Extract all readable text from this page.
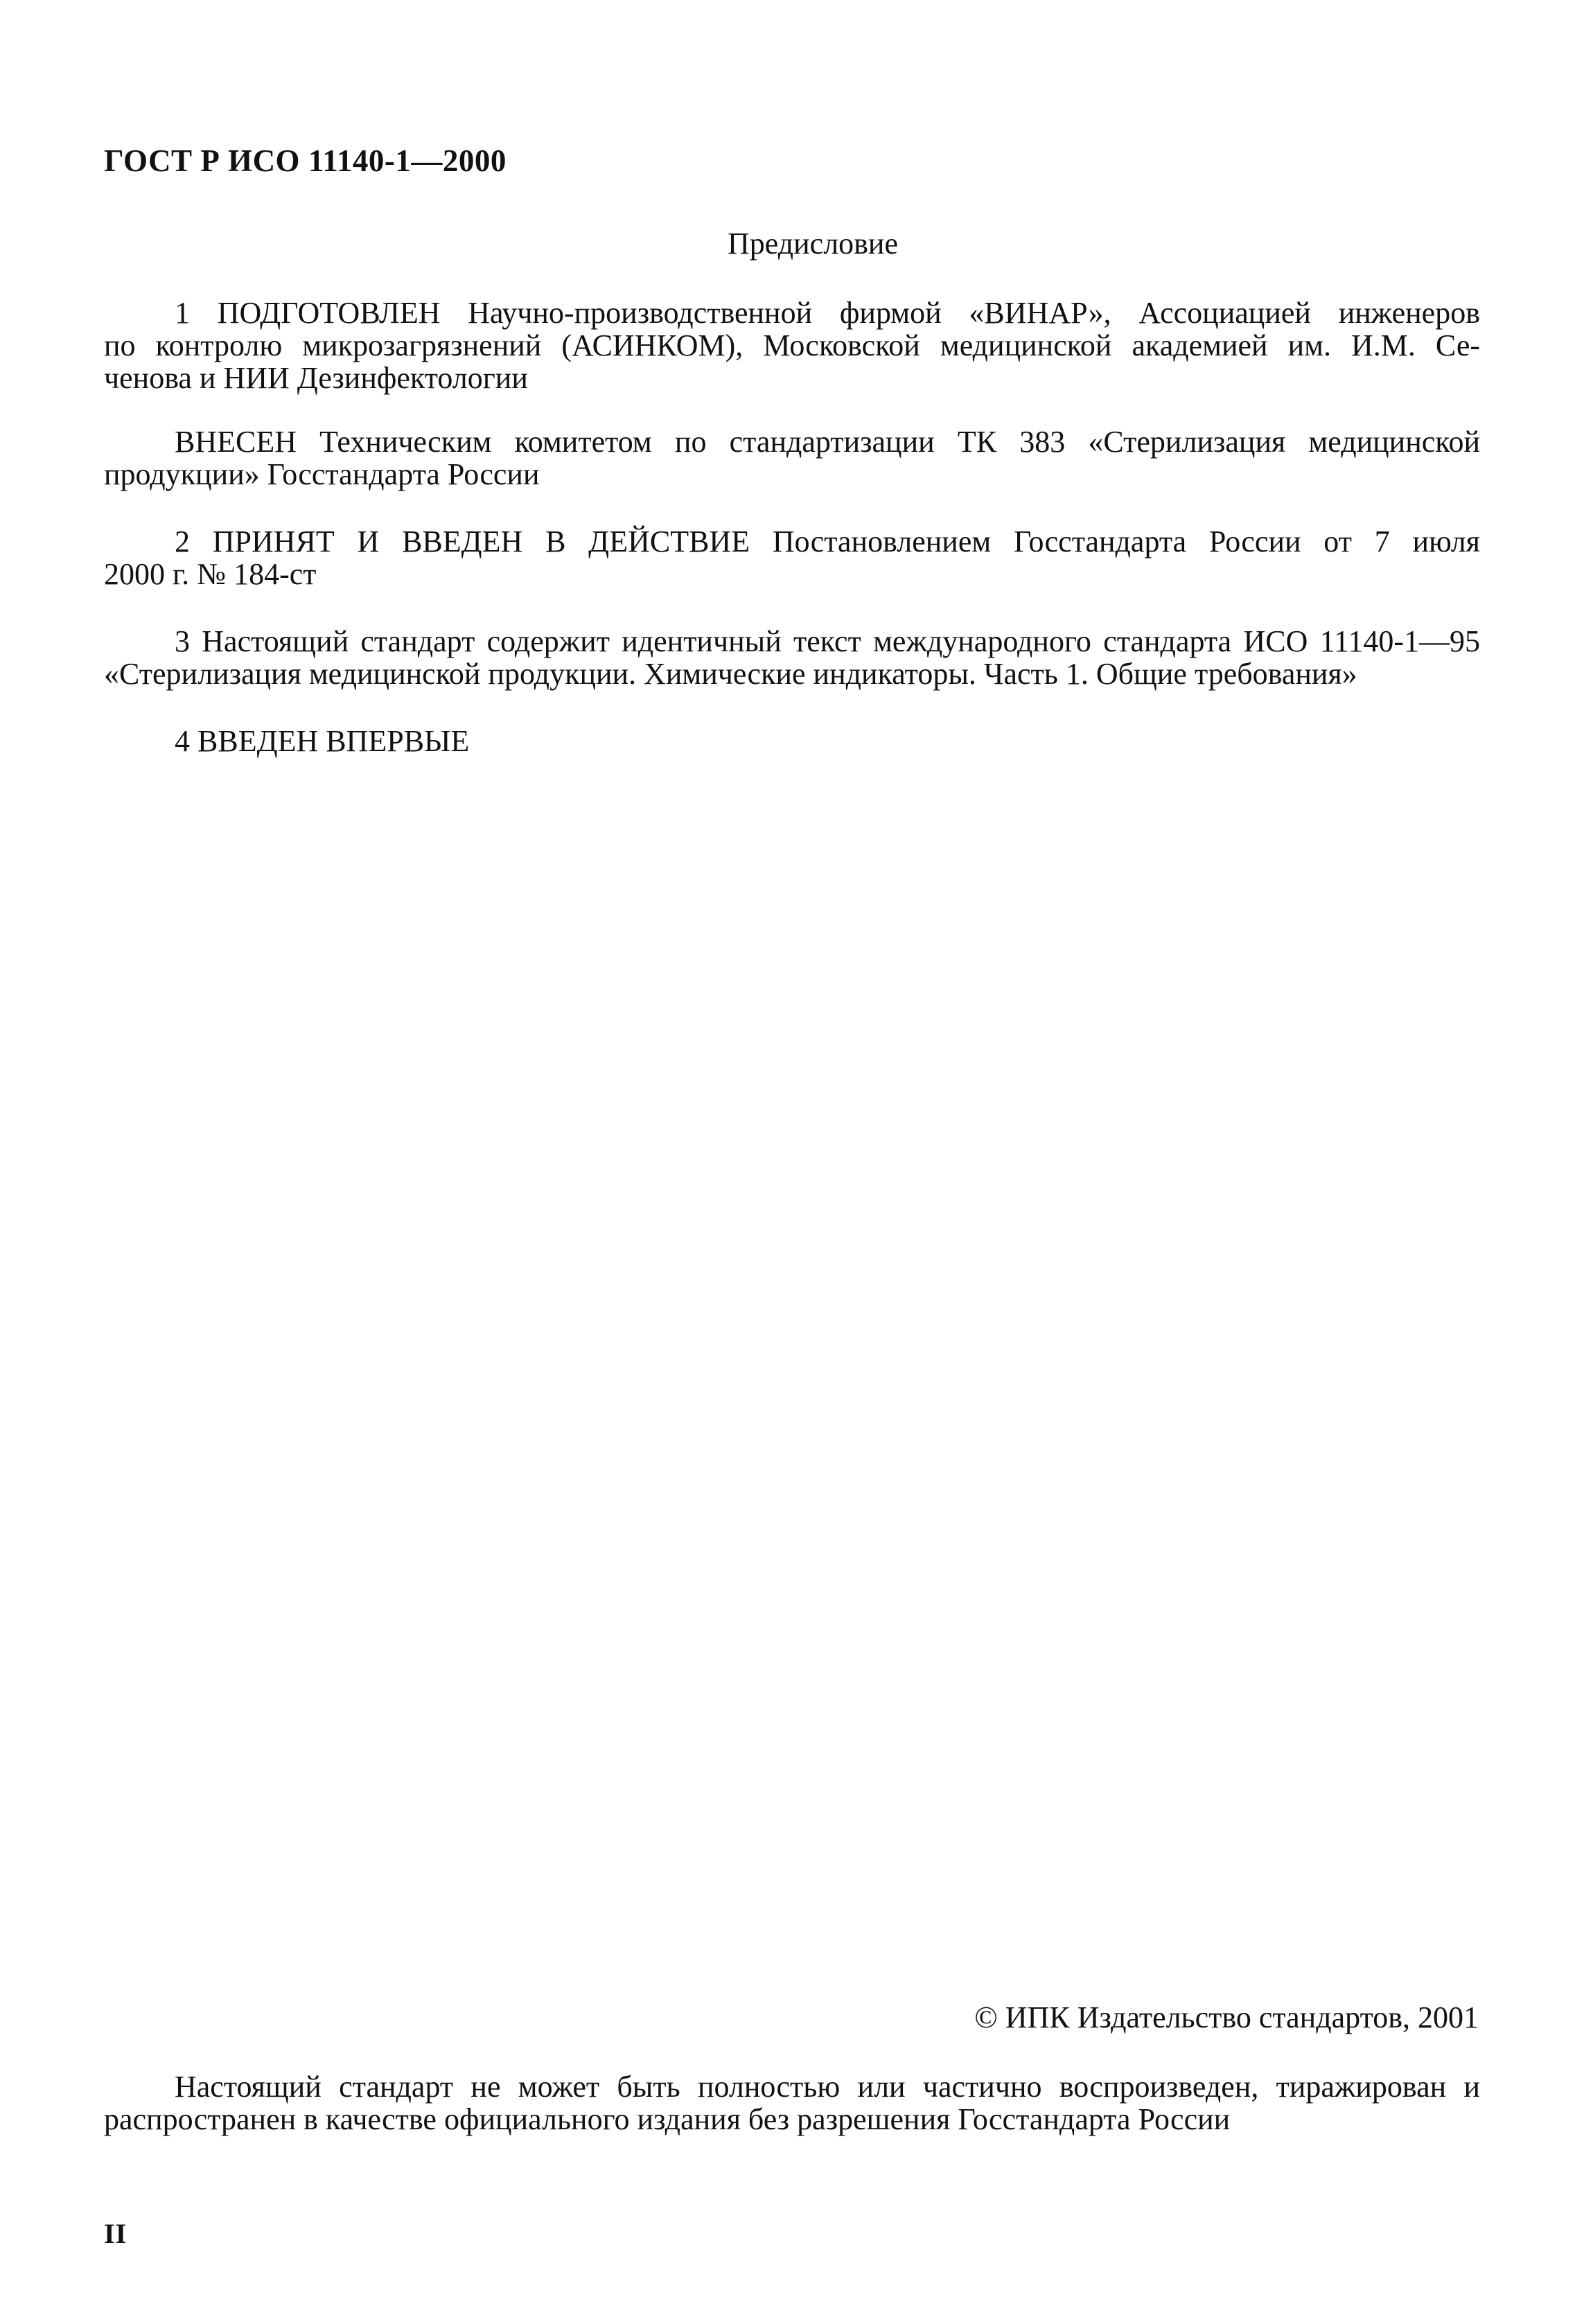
ГОСТ Р ИСО 11140-1—2000
Предисловие
1 ПОДГОТОВЛЕН Научно-производственной фирмой «ВИНАР», Ассоциацией инженеров
по контролю микрозагрязнений (АСИНКОМ), Московской медицинской академией им. И.М. Се-
ченова и НИИ Дезинфектологии
ВНЕСЕН Техническим комитетом по стандартизации ТК 383 «Стерилизация медицинской
продукции» Госстандарта России
2 ПРИНЯТ И ВВЕДЕН В ДЕЙСТВИЕ Постановлением Госстандарта России от 7 июля
2000 г. № 184-ст
3 Настоящий стандарт содержит идентичный текст международного стандарта ИСО 11140-1—95
«Стерилизация медицинской продукции. Химические индикаторы. Часть 1. Общие требования»
4 ВВЕДЕН ВПЕРВЫЕ
© ИПК Издательство стандартов, 2001
Настоящий стандарт не может быть полностью или частично воспроизведен, тиражирован и
распространен в качестве официального издания без разрешения Госстандарта России
II
